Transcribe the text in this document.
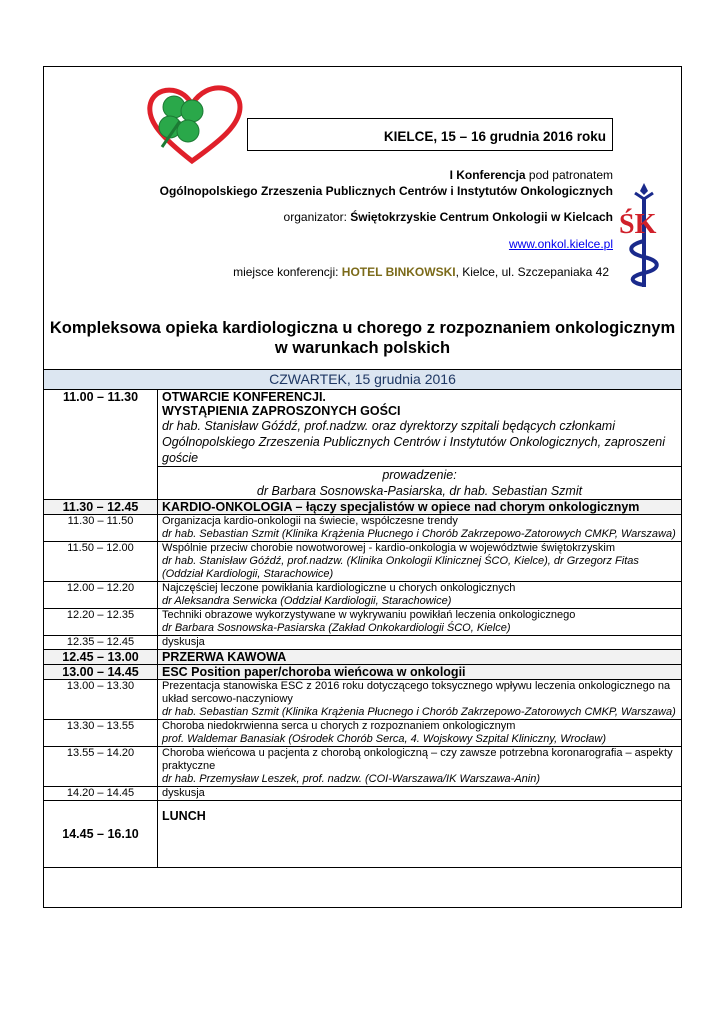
KIELCE, 15 – 16 grudnia 2016 roku
I Konferencja pod patronatem
Ogólnopolskiego Zrzeszenia Publicznych Centrów i Instytutów Onkologicznych
organizator: Świętokrzyskie Centrum Onkologii w Kielcach
www.onkol.kielce.pl
miejsce konferencji: HOTEL BINKOWSKI, Kielce, ul. Szczepaniaka 42
ŚK
Kompleksowa opieka kardiologiczna u chorego z rozpoznaniem onkologicznym
w warunkach polskich
CZWARTEK, 15 grudnia 2016
11.00 – 11.30	OTWARCIE KONFERENCJI.
WYSTĄPIENIA ZAPROSZONYCH GOŚCI
dr hab. Stanisław Góźdź, prof.nadzw. oraz dyrektorzy szpitali będących członkami Ogólnopolskiego Zrzeszenia Publicznych Centrów i Instytutów Onkologicznych, zaproszeni goście

	prowadzenie:
dr Barbara Sosnowska-Pasiarska, dr hab. Sebastian Szmit

11.30 – 12.45	KARDIO-ONKOLOGIA – łączy specjalistów w opiece nad chorym onkologicznym
11.30 – 11.50	Organizacja kardio-onkologii na świecie, współczesne trendy
dr hab. Sebastian Szmit (Klinika Krążenia Płucnego i Chorób Zakrzepowo-Zatorowych CMKP, Warszawa)

11.50 – 12.00	Wspólnie przeciw chorobie nowotworowej - kardio-onkologia w województwie świętokrzyskim
dr hab. Stanisław Góźdź, prof.nadzw. (Klinika Onkologii Klinicznej ŚCO, Kielce), dr Grzegorz Fitas (Oddział Kardiologii, Starachowice)

12.00 – 12.20	Najczęściej leczone powikłania kardiologiczne u chorych onkologicznych
dr Aleksandra Serwicka (Oddział Kardiologii, Starachowice)

12.20 – 12.35	Techniki obrazowe wykorzystywane w wykrywaniu powikłań leczenia onkologicznego
dr Barbara Sosnowska-Pasiarska (Zakład Onkokardiologii ŚCO, Kielce)

12.35 – 12.45	dyskusja
12.45 – 13.00	PRZERWA KAWOWA
13.00 – 14.45	ESC Position paper/choroba wieńcowa w onkologii
13.00 – 13.30	Prezentacja stanowiska ESC z 2016 roku dotyczącego toksycznego wpływu leczenia onkologicznego na układ sercowo-naczyniowy
dr hab. Sebastian Szmit (Klinika Krążenia Płucnego i Chorób Zakrzepowo-Zatorowych CMKP, Warszawa)

13.30 – 13.55	Choroba niedokrwienna serca u chorych z rozpoznaniem onkologicznym
prof. Waldemar Banasiak (Ośrodek Chorób Serca, 4. Wojskowy Szpital Kliniczny, Wrocław)

13.55 – 14.20	Choroba wieńcowa u pacjenta z chorobą onkologiczną – czy zawsze potrzebna koronarografia – aspekty praktyczne
dr hab. Przemysław Leszek, prof. nadzw. (COI-Warszawa/IK Warszawa-Anin)

14.20 – 14.45	dyskusja
14.45 – 16.10	LUNCH
